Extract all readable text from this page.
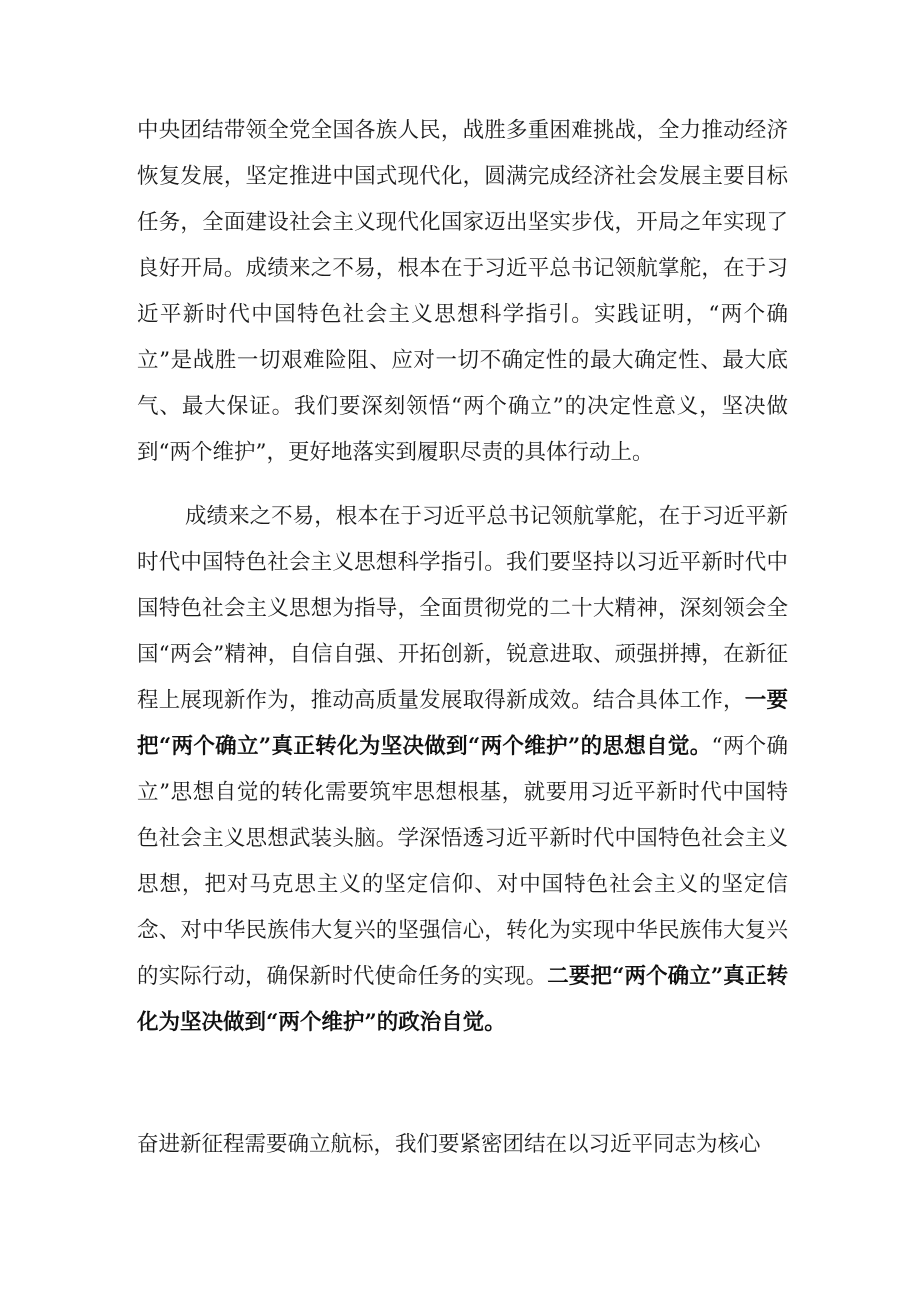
中央团结带领全党全国各族人民，战胜多重困难挑战，全力推动经济恢复发展，坚定推进中国式现代化，圆满完成经济社会发展主要目标任务，全面建设社会主义现代化国家迈出坚实步伐，开局之年实现了良好开局。成绩来之不易，根本在于习近平总书记领航掌舵，在于习近平新时代中国特色社会主义思想科学指引。实践证明，“两个确立”是战胜一切艰难险阻、应对一切不确定性的最大确定性、最大底气、最大保证。我们要深刻领悟“两个确立”的决定性意义，坚决做到“两个维护”，更好地落实到履职尽责的具体行动上。

成绩来之不易，根本在于习近平总书记领航掌舵，在于习近平新时代中国特色社会主义思想科学指引。我们要坚持以习近平新时代中国特色社会主义思想为指导，全面贯彻党的二十大精神，深刻领会全国“两会”精神，自信自强、开拓创新，锐意进取、顽强拼搏，在新征程上展现新作为，推动高质量发展取得新成效。结合具体工作，一要把“两个确立”真正转化为坚决做到“两个维护”的思想自觉。“两个确立”思想自觉的转化需要筑牢思想根基，就要用习近平新时代中国特色社会主义思想武装头脑。学深悟透习近平新时代中国特色社会主义思想，把对马克思主义的坚定信仰、对中国特色社会主义的坚定信念、对中华民族伟大复兴的坚强信心，转化为实现中华民族伟大复兴的实际行动，确保新时代使命任务的实现。二要把“两个确立”真正转化为坚决做到“两个维护”的政治自觉。

奋进新征程需要确立航标，我们要紧密团结在以习近平同志为核心
